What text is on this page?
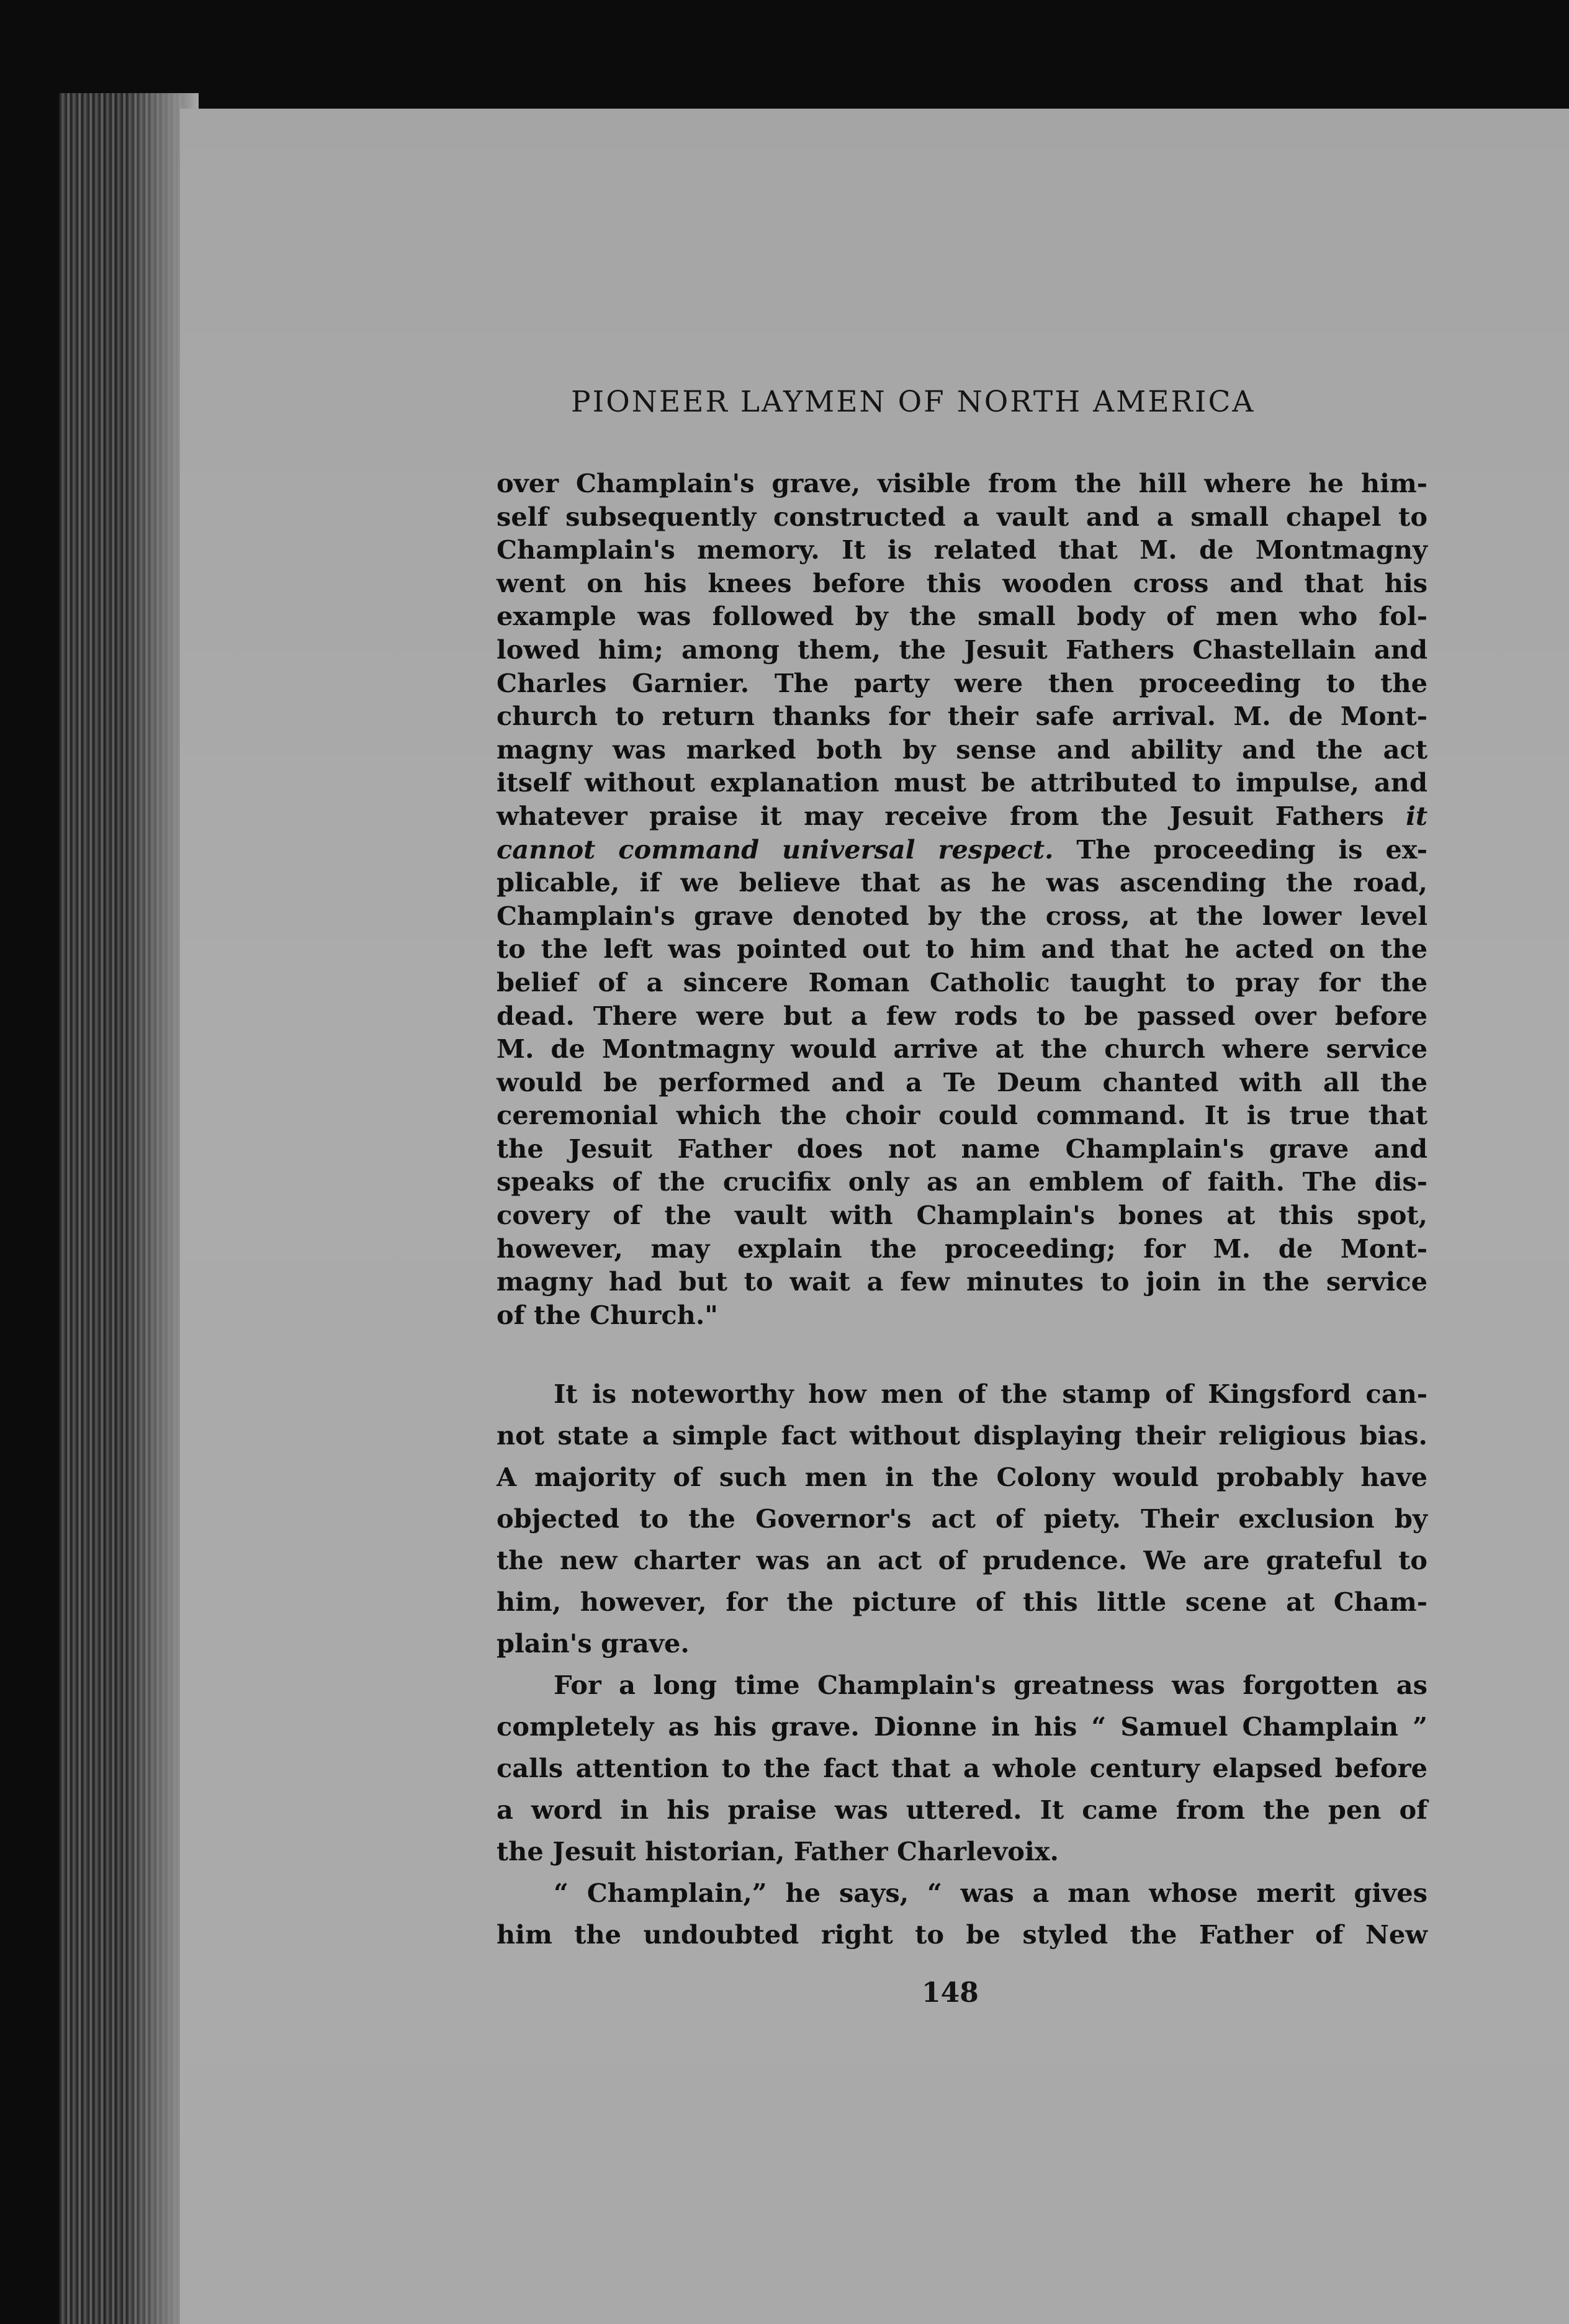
PIONEER LAYMEN OF NORTH AMERICA
over Champlain's grave, visible from the hill where he him-
self subsequently constructed a vault and a small chapel to
Champlain's memory. It is related that M. de Montmagny
went on his knees before this wooden cross and that his
example was followed by the small body of men who fol-
lowed him; among them, the Jesuit Fathers Chastellain and
Charles Garnier. The party were then proceeding to the
church to return thanks for their safe arrival. M. de Mont-
magny was marked both by sense and ability and the act
itself without explanation must be attributed to impulse, and
whatever praise it may receive from the Jesuit Fathers it
cannot command universal respect. The proceeding is ex-
plicable, if we believe that as he was ascending the road,
Champlain's grave denoted by the cross, at the lower level
to the left was pointed out to him and that he acted on the
belief of a sincere Roman Catholic taught to pray for the
dead. There were but a few rods to be passed over before
M. de Montmagny would arrive at the church where service
would be performed and a Te Deum chanted with all the
ceremonial which the choir could command. It is true that
the Jesuit Father does not name Champlain's grave and
speaks of the crucifix only as an emblem of faith. The dis-
covery of the vault with Champlain's bones at this spot,
however, may explain the proceeding; for M. de Mont-
magny had but to wait a few minutes to join in the service
of the Church."
It is noteworthy how men of the stamp of Kingsford can-
not state a simple fact without displaying their religious bias.
A majority of such men in the Colony would probably have
objected to the Governor's act of piety. Their exclusion by
the new charter was an act of prudence. We are grateful to
him, however, for the picture of this little scene at Cham-
plain's grave.
For a long time Champlain's greatness was forgotten as
completely as his grave. Dionne in his “ Samuel Champlain ”
calls attention to the fact that a whole century elapsed before
a word in his praise was uttered. It came from the pen of
the Jesuit historian, Father Charlevoix.
“ Champlain,” he says, “ was a man whose merit gives
him the undoubted right to be styled the Father of New
148
